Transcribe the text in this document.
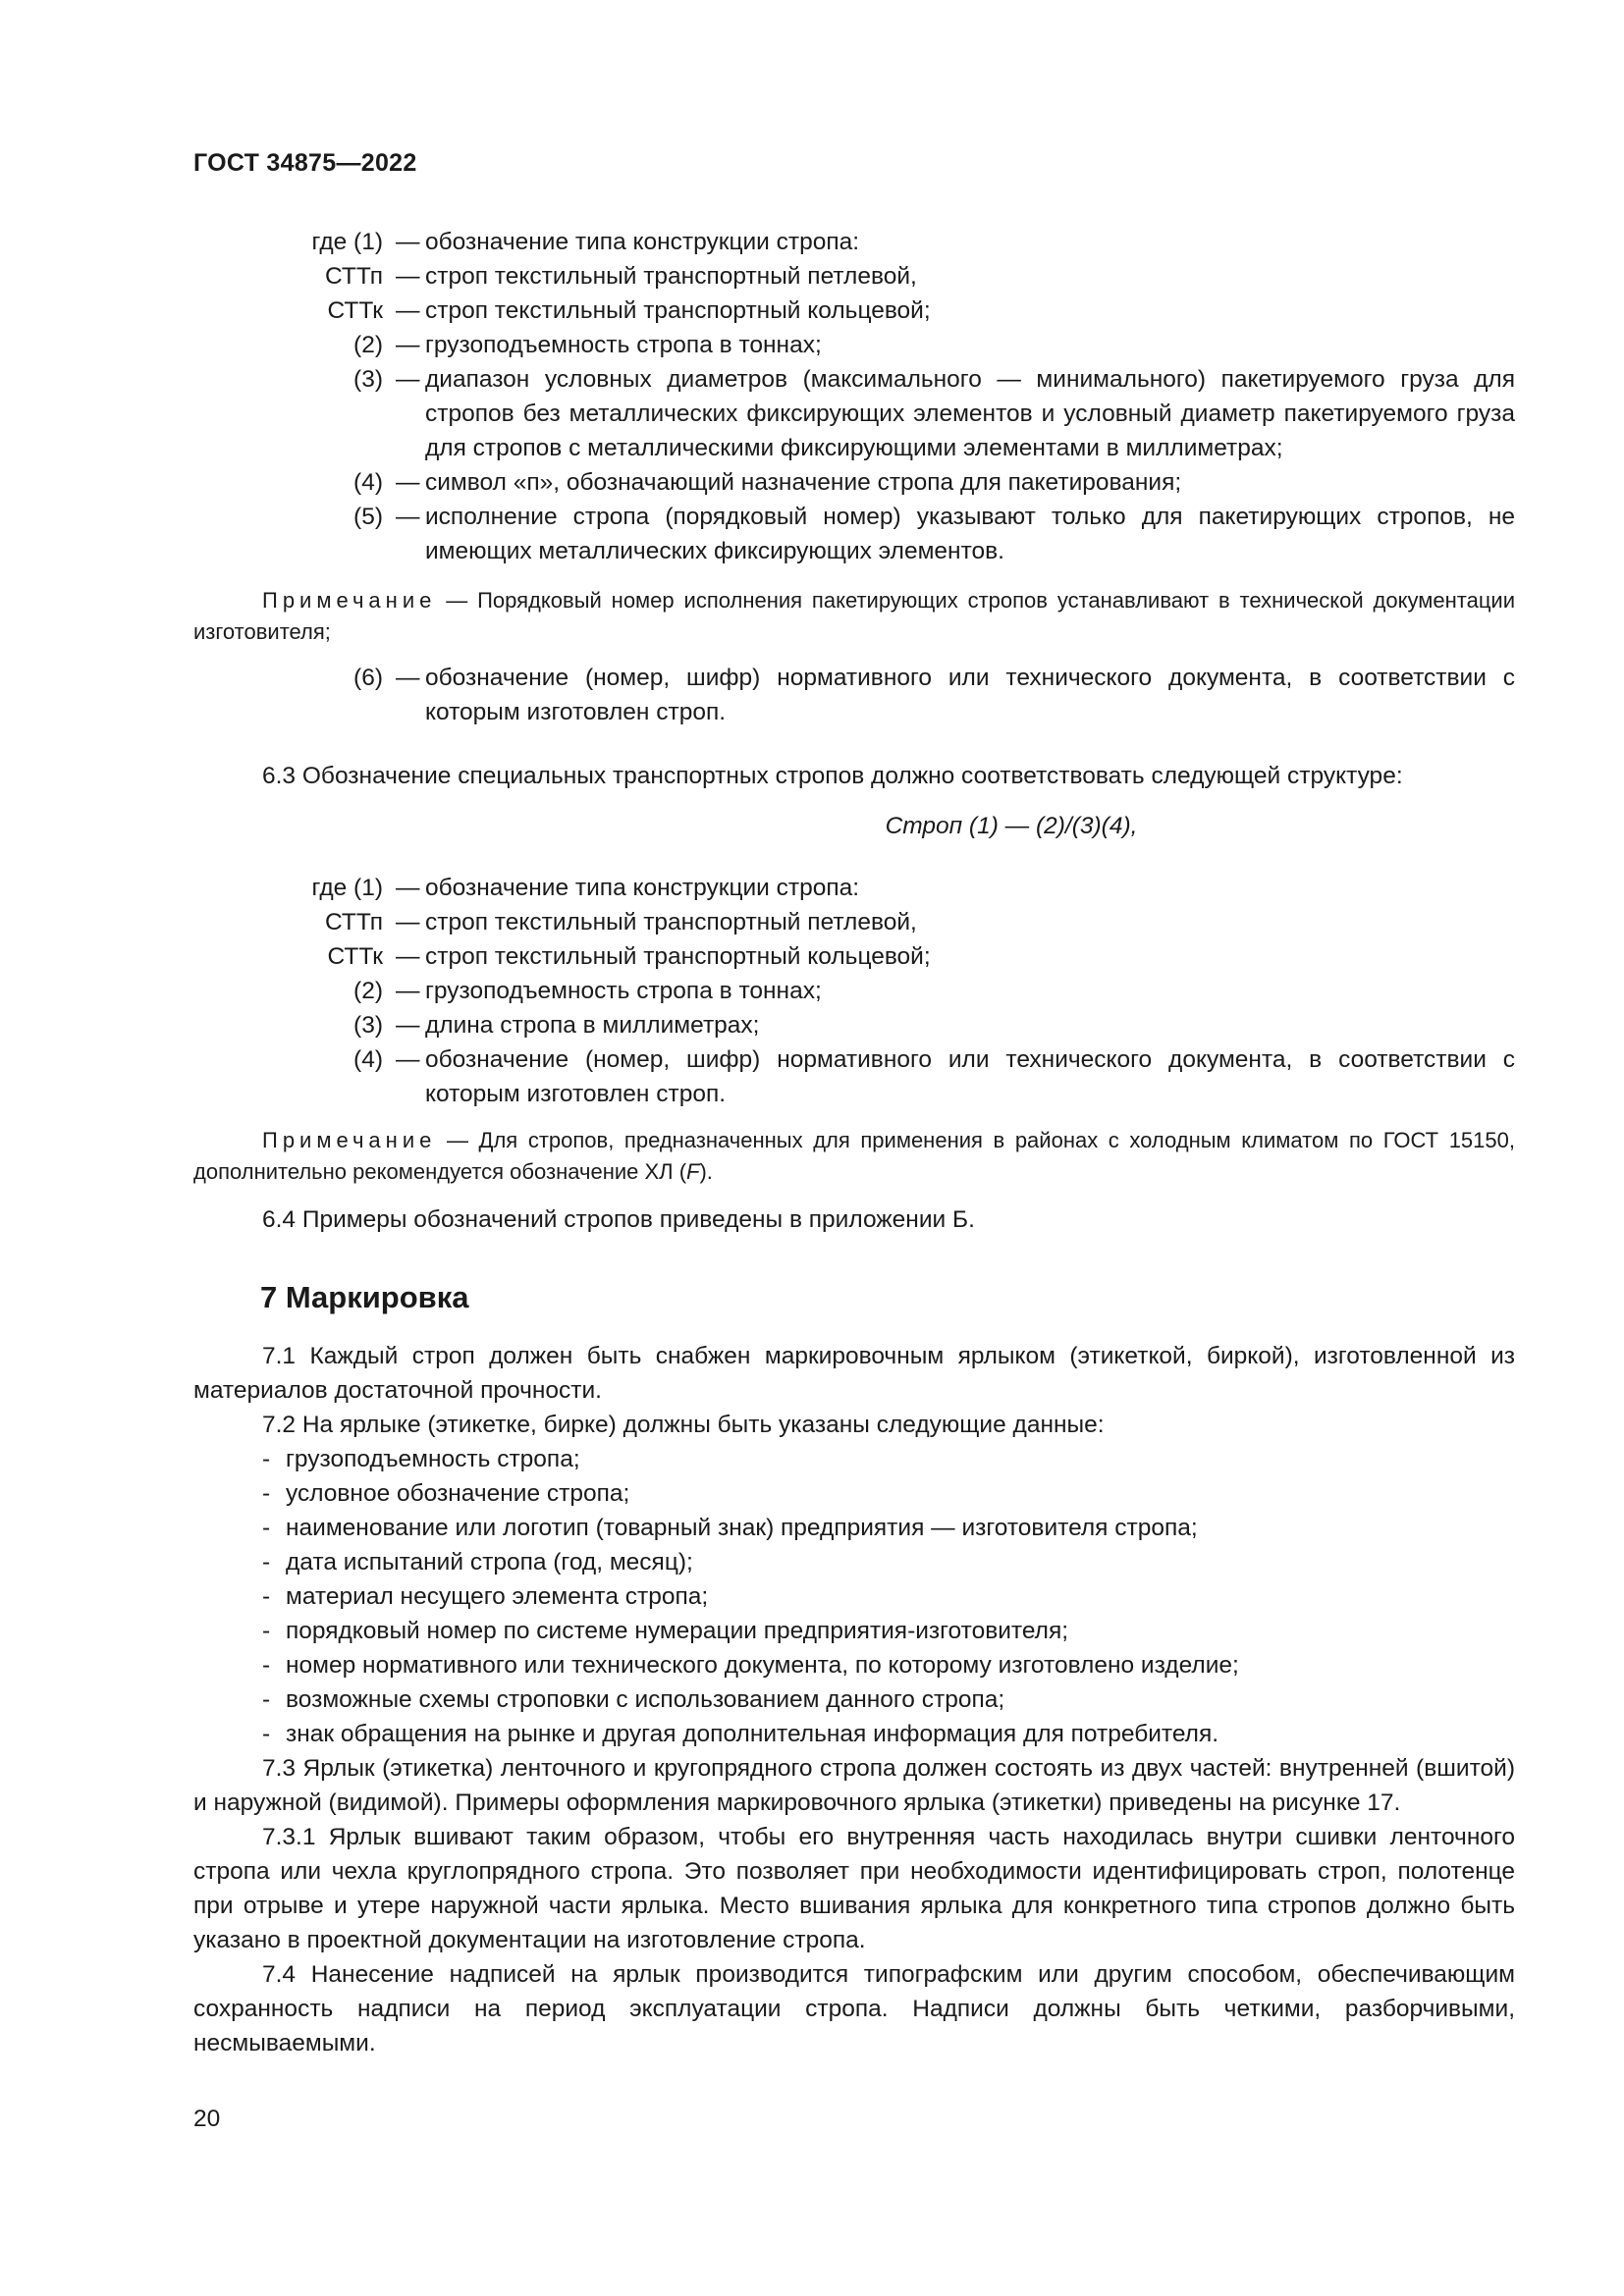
ГОСТ 34875—2022
где (1) — обозначение типа конструкции стропа:
СТТп — строп текстильный транспортный петлевой,
СТТк — строп текстильный транспортный кольцевой;
(2) — грузоподъемность стропа в тоннах;
(3) — диапазон условных диаметров (максимального — минимального) пакетируемого груза для стропов без металлических фиксирующих элементов и условный диаметр пакетируемого груза для стропов с металлическими фиксирующими элементами в миллиметрах;
(4) — символ «п», обозначающий назначение стропа для пакетирования;
(5) — исполнение стропа (порядковый номер) указывают только для пакетирующих стропов, не имеющих металлических фиксирующих элементов.
Примечание — Порядковый номер исполнения пакетирующих стропов устанавливают в технической документации изготовителя;
(6) — обозначение (номер, шифр) нормативного или технического документа, в соответствии с которым изготовлен строп.
6.3 Обозначение специальных транспортных стропов должно соответствовать следующей структуре:
Строп (1) — (2)/(3)(4),
где (1) — обозначение типа конструкции стропа:
СТТп — строп текстильный транспортный петлевой,
СТТк — строп текстильный транспортный кольцевой;
(2) — грузоподъемность стропа в тоннах;
(3) — длина стропа в миллиметрах;
(4) — обозначение (номер, шифр) нормативного или технического документа, в соответствии с которым изготовлен строп.
Примечание — Для стропов, предназначенных для применения в районах с холодным климатом по ГОСТ 15150, дополнительно рекомендуется обозначение ХЛ (F).
6.4 Примеры обозначений стропов приведены в приложении Б.
7 Маркировка
7.1 Каждый строп должен быть снабжен маркировочным ярлыком (этикеткой, биркой), изготовленной из материалов достаточной прочности.
7.2 На ярлыке (этикетке, бирке) должны быть указаны следующие данные:
- грузоподъемность стропа;
- условное обозначение стропа;
- наименование или логотип (товарный знак) предприятия — изготовителя стропа;
- дата испытаний стропа (год, месяц);
- материал несущего элемента стропа;
- порядковый номер по системе нумерации предприятия-изготовителя;
- номер нормативного или технического документа, по которому изготовлено изделие;
- возможные схемы строповки с использованием данного стропа;
- знак обращения на рынке и другая дополнительная информация для потребителя.
7.3 Ярлык (этикетка) ленточного и кругопрядного стропа должен состоять из двух частей: внутренней (вшитой) и наружной (видимой). Примеры оформления маркировочного ярлыка (этикетки) приведены на рисунке 17.
7.3.1 Ярлык вшивают таким образом, чтобы его внутренняя часть находилась внутри сшивки ленточного стропа или чехла круглопрядного стропа. Это позволяет при необходимости идентифицировать строп, полотенце при отрыве и утере наружной части ярлыка. Место вшивания ярлыка для конкретного типа стропов должно быть указано в проектной документации на изготовление стропа.
7.4 Нанесение надписей на ярлык производится типографским или другим способом, обеспечивающим сохранность надписи на период эксплуатации стропа. Надписи должны быть четкими, разборчивыми, несмываемыми.
20
